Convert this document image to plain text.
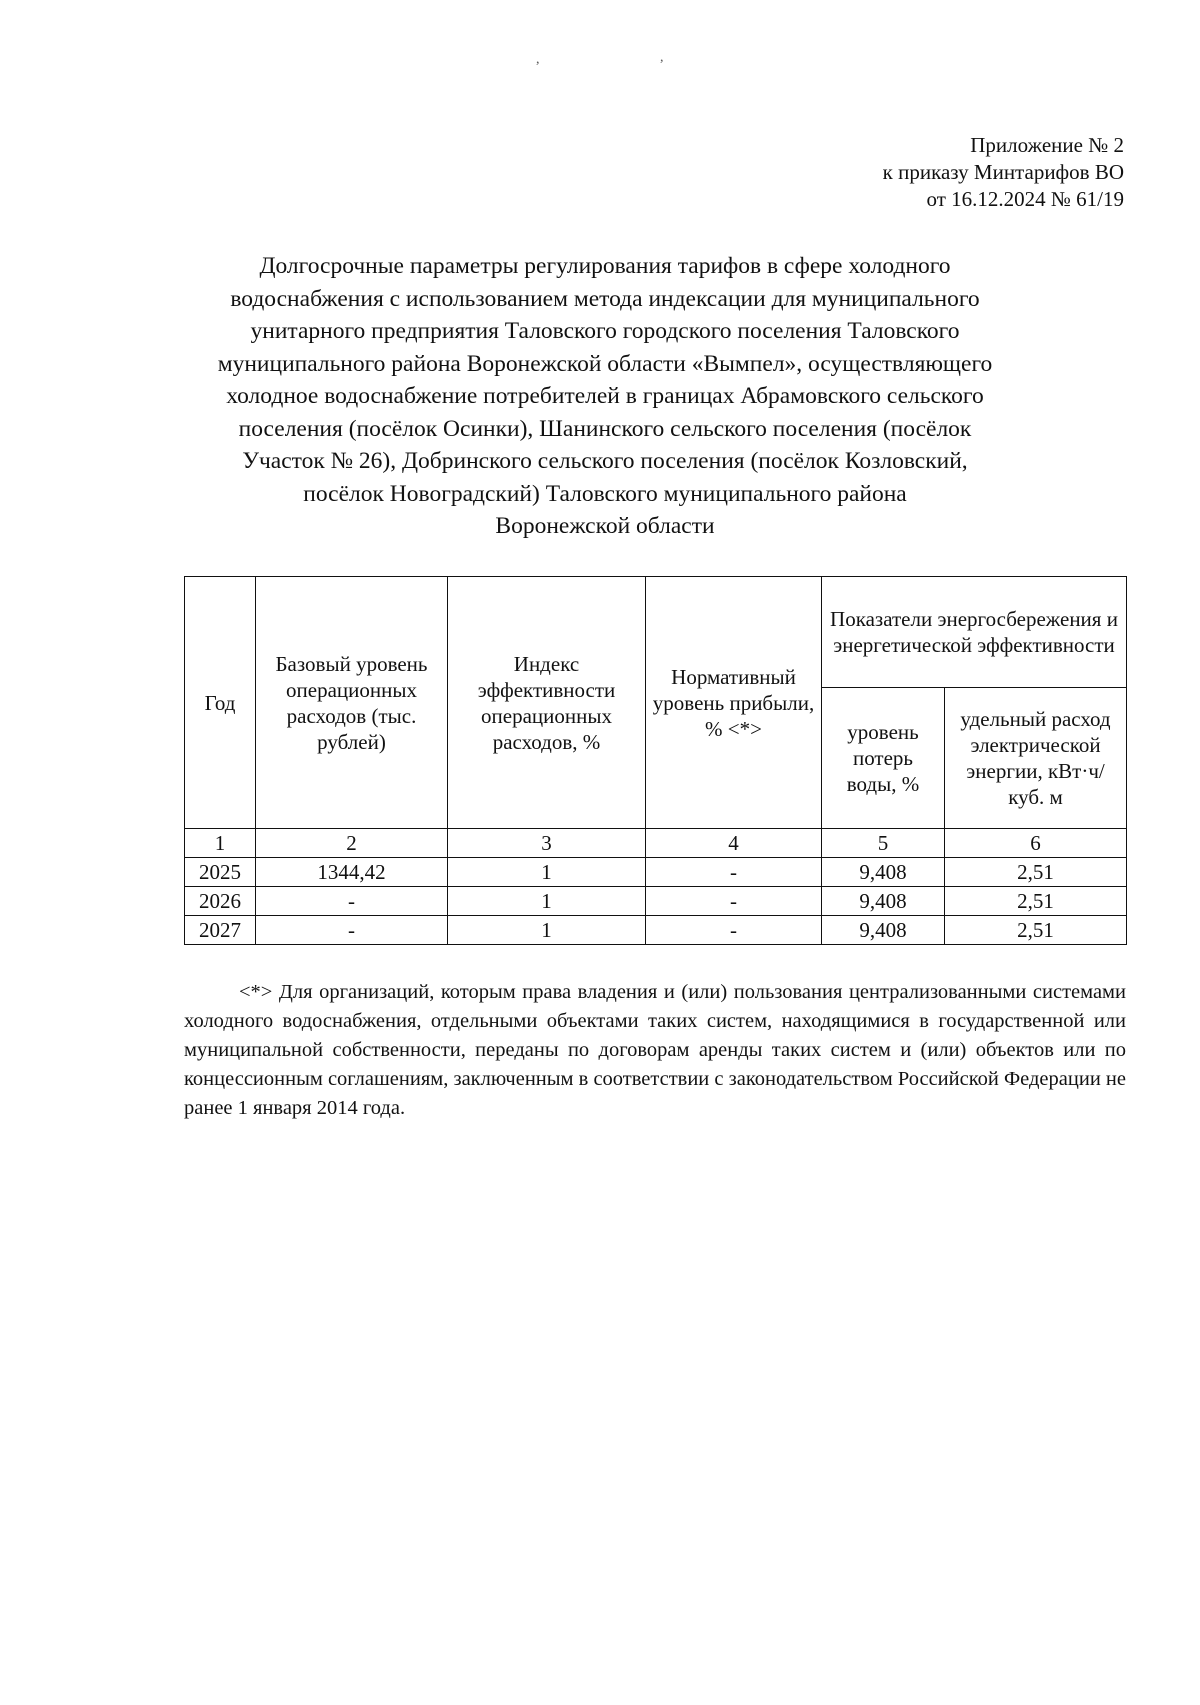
,	,
Приложение № 2
к приказу Минтарифов ВО
от 16.12.2024 № 61/19
Долгосрочные параметры регулирования тарифов в сфере холодного
водоснабжения с использованием метода индексации для муниципального
унитарного предприятия Таловского городского поселения Таловского
муниципального района Воронежской области «Вымпел», осуществляющего
холодное водоснабжение потребителей в границах Абрамовского сельского
поселения (посёлок Осинки), Шанинского сельского поселения (посёлок
Участок № 26), Добринского сельского поселения (посёлок Козловский,
посёлок Новоградский) Таловского муниципального района
Воронежской области
Год	Базовый уровень операционных расходов (тыс. рублей)	Индекс эффективности операционных расходов, %	Нормативный уровень прибыли, % <*>	Показатели энергосбережения и энергетической эффективности	
				уровень потерь воды, %	удельный расход электрической энергии, кВт·ч/куб. м
1	2	3	4	5	6
2025	1344,42	1	-	9,408	2,51
2026	-	1	-	9,408	2,51
2027	-	1	-	9,408	2,51
<*> Для организаций, которым права владения и (или) пользования централизованными системами холодного водоснабжения, отдельными объектами таких систем, находящимися в государственной или муниципальной собственности, переданы по договорам аренды таких систем и (или) объектов или по концессионным соглашениям, заключенным в соответствии с законодательством Российской Федерации не ранее 1 января 2014 года.
